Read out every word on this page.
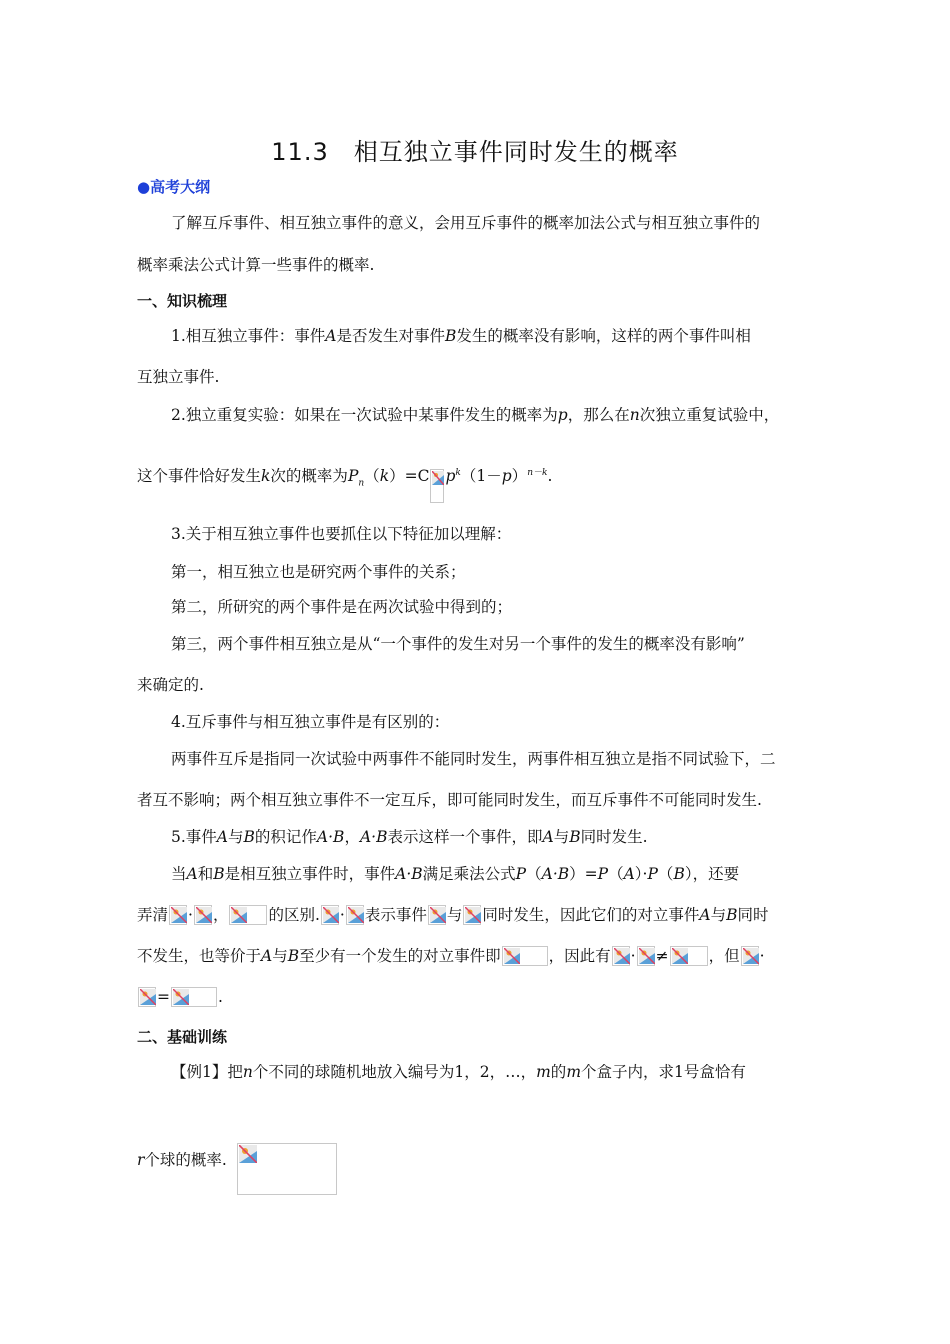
11.3　相互独立事件同时发生的概率
●高考大纲
了解互斥事件、相互独立事件的意义，会用互斥事件的概率加法公式与相互独立事件的
概率乘法公式计算一些事件的概率.
一、知识梳理
1.相互独立事件：事件A是否发生对事件B发生的概率没有影响，这样的两个事件叫相
互独立事件.
2.独立重复实验：如果在一次试验中某事件发生的概率为p，那么在n次独立重复试验中，
这个事件恰好发生k次的概率为$P_n(k)=C$ $p^k(1-p)^{n-k}$.
3.关于相互独立事件也要抓住以下特征加以理解：
第一，相互独立也是研究两个事件的关系；
第二，所研究的两个事件是在两次试验中得到的；
第三，两个事件相互独立是从“一个事件的发生对另一个事件的发生的概率没有影响”
来确定的.
4.互斥事件与相互独立事件是有区别的：
两事件互斥是指同一次试验中两事件不能同时发生，两事件相互独立是指不同试验下，二
者互不影响；两个相互独立事件不一定互斥，即可能同时发生，而互斥事件不可能同时发生.
5.事件A与B的积记作A·B，A·B表示这样一个事件，即A与B同时发生.
当A和B是相互独立事件时，事件A·B满足乘法公式P（A·B）=P（A）·P（B），还要
弄清 · ，	的区别. · 表示事件 与 同时发生，因此它们的对立事件A与B同时
不发生，也等价于A与B至少有一个发生的对立事件即	，因此有 · ≠	，但 ·
=	.
二、基础训练
【例1】把n个不同的球随机地放入编号为1，2，…，m的m个盒子内，求1号盒恰有
r个球的概率.
